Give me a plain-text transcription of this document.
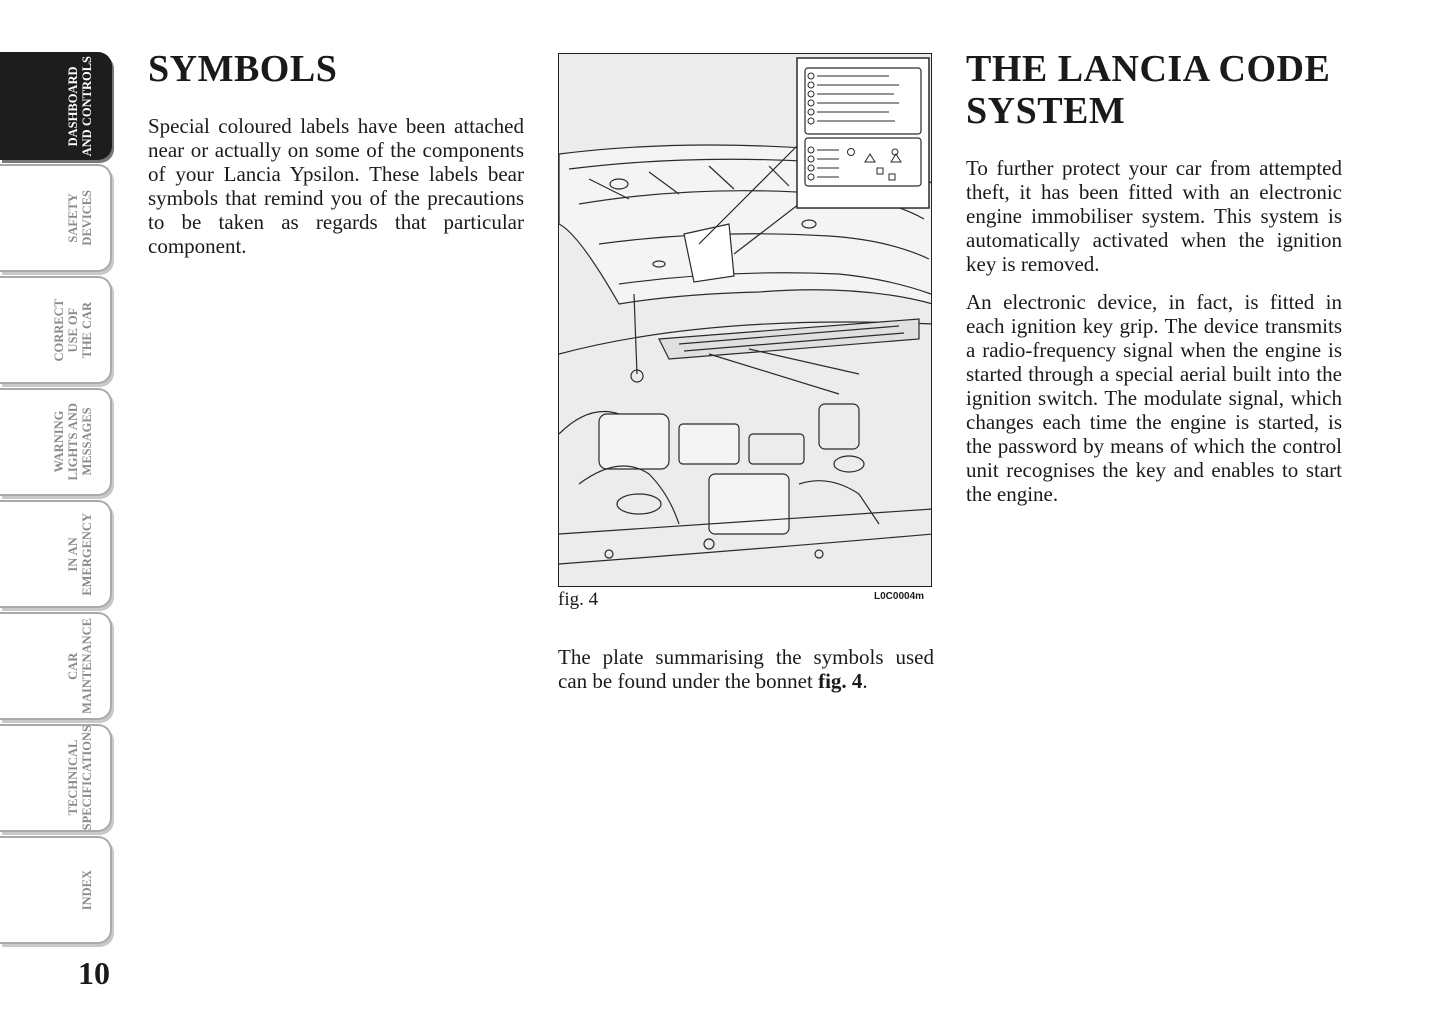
DASHBOARD
AND CONTROLS
SAFETY
DEVICES
CORRECT
USE OF
THE CAR
WARNING
LIGHTS AND
MESSAGES
IN AN
EMERGENCY
CAR
MAINTENANCE
TECHNICAL
SPECIFICATIONS
INDEX
10
SYMBOLS

Special coloured labels have been attached near or actually on some of the components of your Lancia Ypsilon. These labels bear symbols that remind you of the precautions to be taken as regards that particular component.

fig. 4	L0C0004m

The plate summarising the symbols used can be found under the bonnet fig. 4.

THE LANCIA CODE SYSTEM

To further protect your car from attempted theft, it has been fitted with an electronic engine immobiliser system. This system is automatically activated when the ignition key is removed.

An electronic device, in fact, is fitted in each ignition key grip. The device transmits a radio-frequency signal when the engine is started through a special aerial built into the ignition switch. The modulate signal, which changes each time the engine is started, is the password by means of which the control unit recognises the key and enables to start the engine.
